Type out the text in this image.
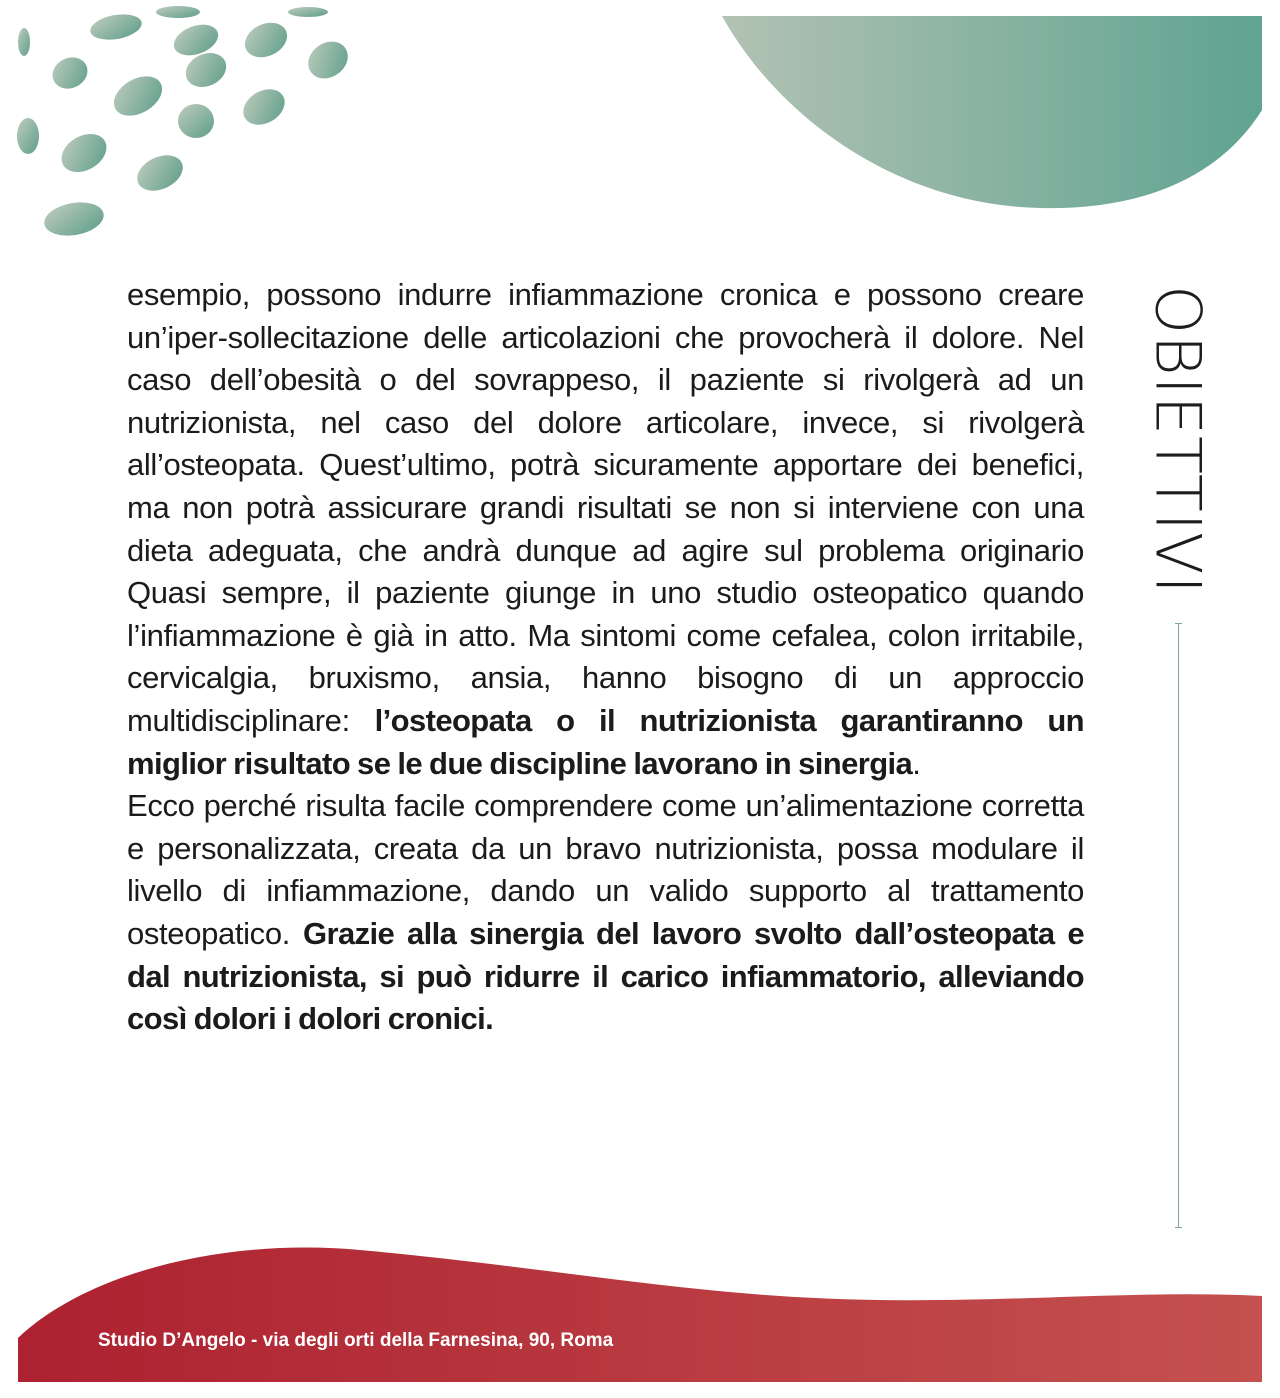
OBIETTIVI

esempio, possono indurre infiammazione cronica e possono creare un’iper-sollecitazione delle articolazioni che provocherà il dolore. Nel caso dell’obesità o del sovrappeso, il paziente si rivolgerà ad un nutrizionista, nel caso del dolore articolare, invece, si rivolgerà all’osteopata. Quest’ultimo, potrà sicuramente apportare dei benefici, ma non potrà assicurare grandi risultati se non si interviene con una dieta adeguata, che andrà dunque ad agire sul problema originario Quasi sempre, il paziente giunge in uno studio osteopatico quando l’infiammazione è già in atto. Ma sintomi come cefalea, colon irritabile, cervicalgia, bruxismo, ansia, hanno bisogno di un approccio multidisciplinare: l’osteopata o il nutrizionista garantiranno un miglior risultato se le due discipline lavorano in sinergia.

Ecco perché risulta facile comprendere come un’alimentazione corretta e personalizzata, creata da un bravo nutrizionista, possa modulare il livello di infiammazione, dando un valido supporto al trattamento osteopatico. Grazie alla sinergia del lavoro svolto dall’osteopata e dal nutrizionista, si può ridurre il carico infiammatorio, alleviando così dolori i dolori cronici.

Studio D’Angelo - via degli orti della Farnesina, 90, Roma
